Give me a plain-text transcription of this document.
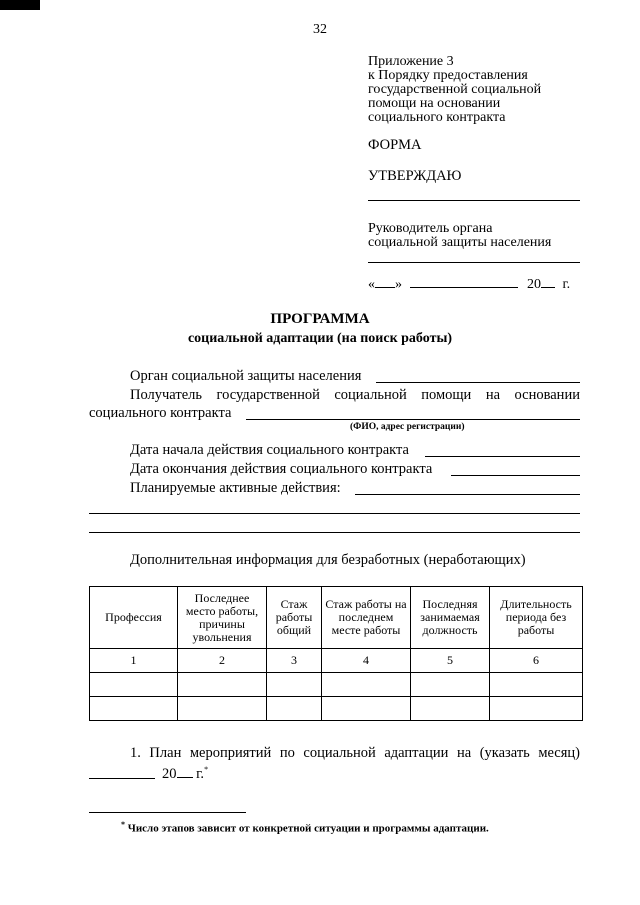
32
Приложение 3
к Порядку предоставления
государственной социальной
помощи на основании
социального контракта
ФОРМА
УТВЕРЖДАЮ
Руководитель органа
социальной защиты населения
« »	20 г.
ПРОГРАММА
социальной адаптации (на поиск работы)
Орган социальной защиты населения
Получатель государственной социальной помощи на основании
социального контракта
(ФИО, адрес регистрации)
Дата начала действия социального контракта
Дата окончания действия социального контракта
Планируемые активные действия:
Дополнительная информация для безработных (неработающих)
Профессия	Последнее место работы, причины увольнения	Стаж работы общий	Стаж работы на последнем месте работы	Последняя занимаемая должность	Длительность периода без работы
1	2	3	4	5	6

1. План мероприятий по социальной адаптации на (указать месяц)
20 г.*
* Число этапов зависит от конкретной ситуации и программы адаптации.
